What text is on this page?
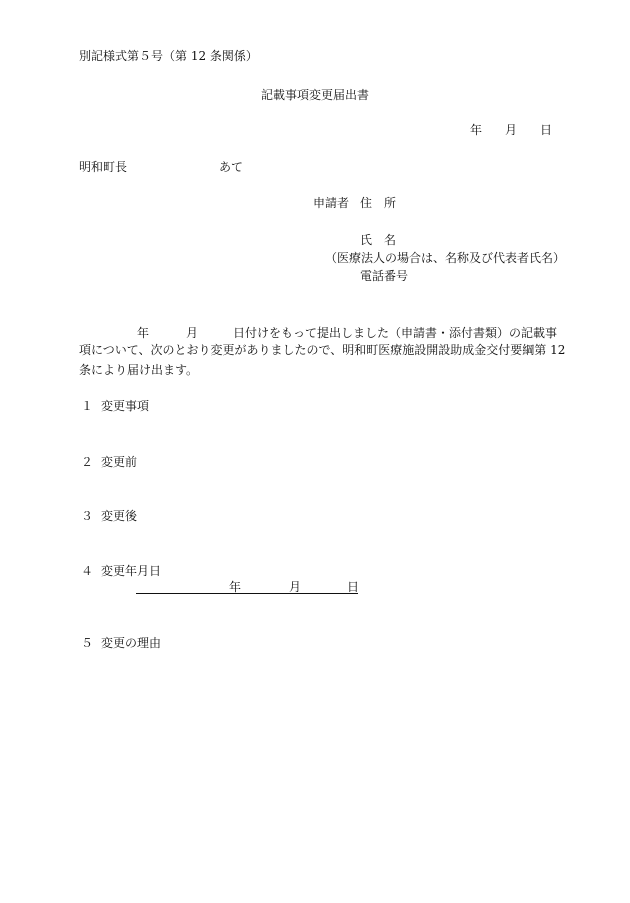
別記様式第５号（第 12 条関係）
記載事項変更届出書
年 月 日
明和町長	あて
申請者 住　所
氏　名
（医療法人の場合は、名称及び代表者氏名）
電話番号
年	月	日付けをもって提出しました（申請書・添付書類）の記載事
項について、次のとおり変更がありましたので、明和町医療施設開設助成金交付要綱第 12
条により届け出ます。
１ 変更事項
２ 変更前
３ 変更後
４ 変更年月日
年	月	日
５ 変更の理由
